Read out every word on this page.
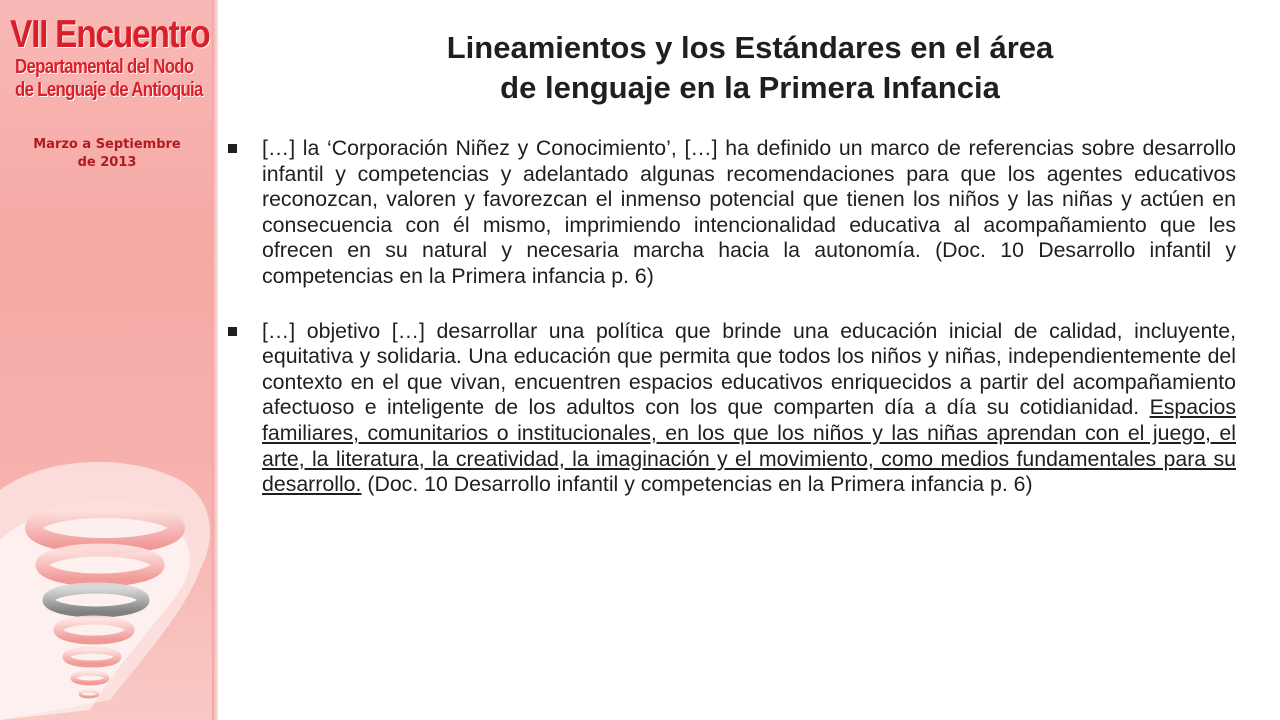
VII Encuentro
Departamental del Nodo
de Lenguaje de Antioquia
Marzo a Septiembre
de 2013
Lineamientos y los Estándares en el área
de lenguaje en la Primera Infancia
[…] la ‘Corporación Niñez y Conocimiento’, […] ha definido un marco de referencias sobre desarrollo infantil y competencias y adelantado algunas recomendaciones para que los agentes educativos reconozcan, valoren y favorezcan el inmenso potencial que tienen los niños y las niñas y actúen en consecuencia con él mismo, imprimiendo intencionalidad educativa al acompañamiento que les ofrecen en su natural y necesaria marcha hacia la autonomía. (Doc. 10 Desarrollo infantil y competencias en la Primera infancia p. 6)
[…] objetivo […] desarrollar una política que brinde una educación inicial de calidad, incluyente, equitativa y solidaria. Una educación que permita que todos los niños y niñas, independientemente del contexto en el que vivan, encuentren espacios educativos enriquecidos a partir del acompañamiento afectuoso e inteligente de los adultos con los que comparten día a día su cotidianidad. Espacios familiares, comunitarios o institucionales, en los que los niños y las niñas aprendan con el juego, el arte, la literatura, la creatividad, la imaginación y el movimiento, como medios fundamentales para su desarrollo. (Doc. 10 Desarrollo infantil y competencias en la Primera infancia p. 6)
